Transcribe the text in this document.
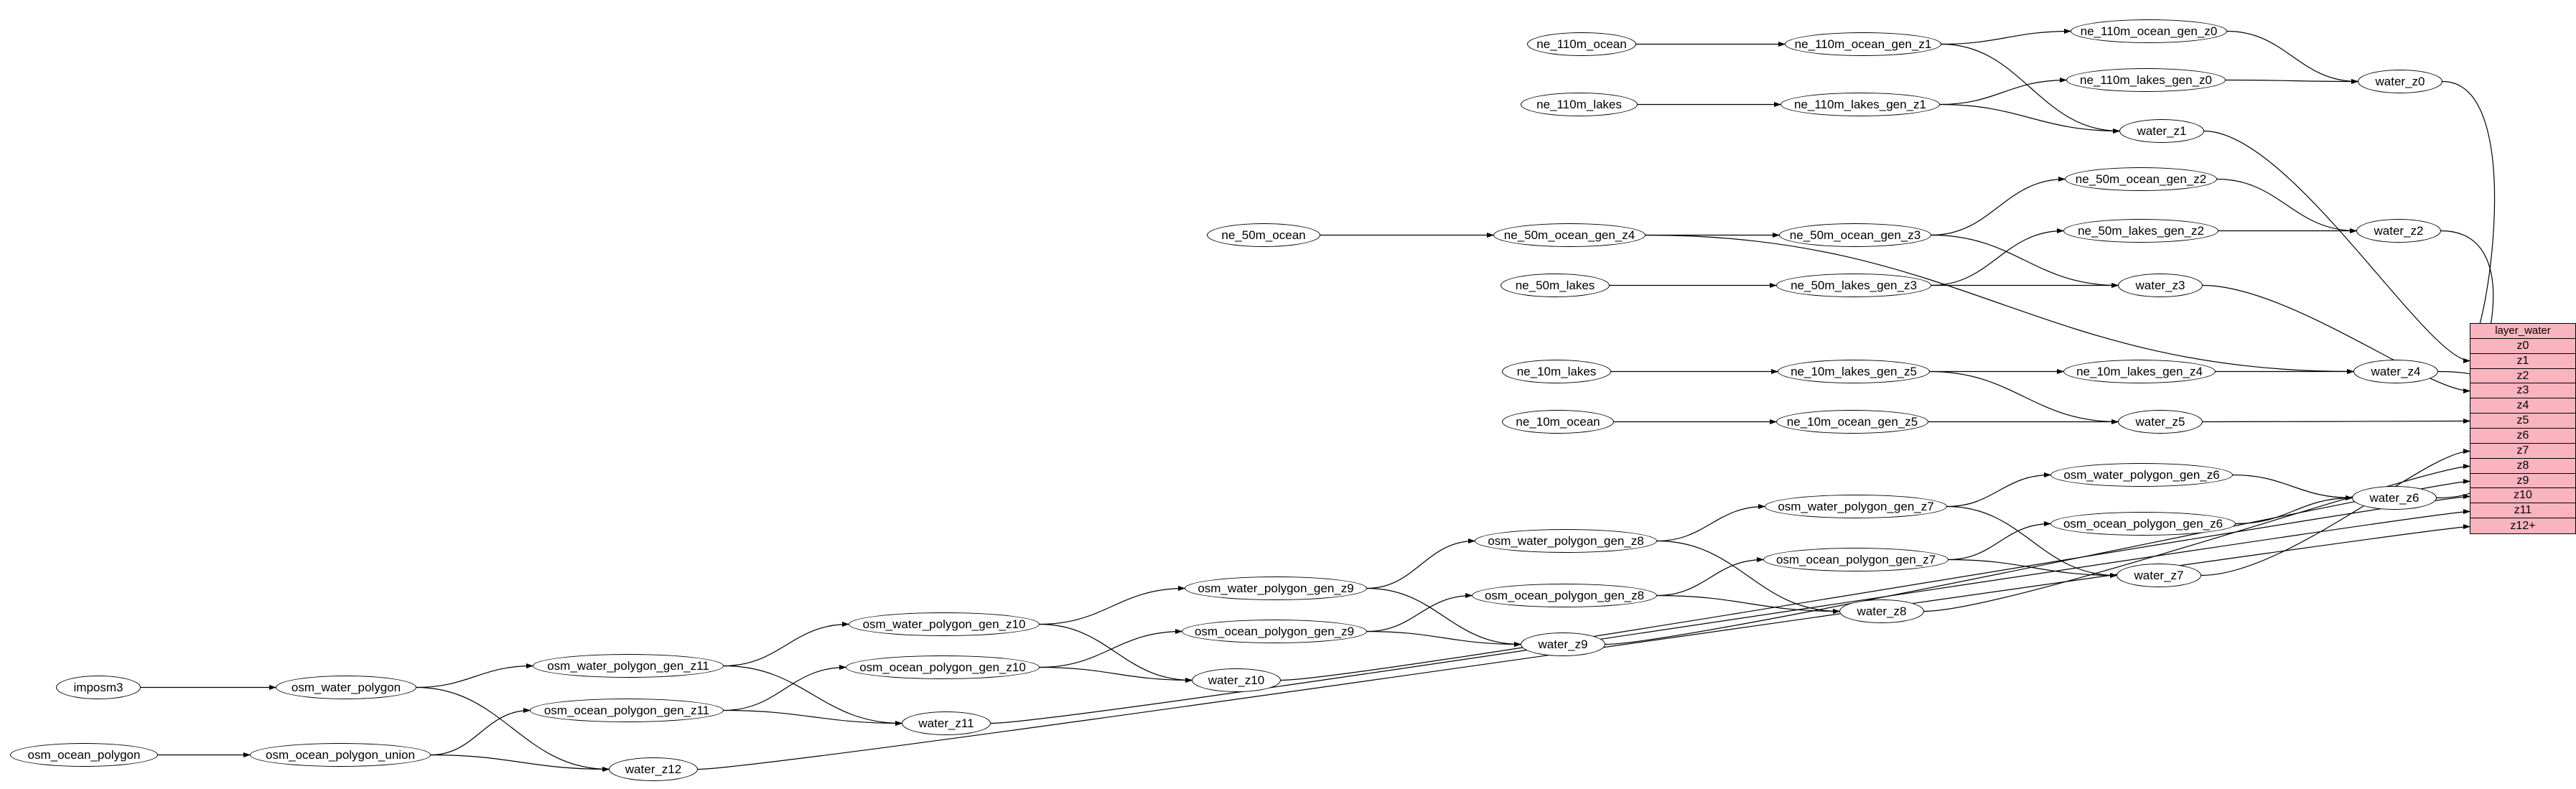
ne_110m_ocean	ne_110m_ocean_gen_z1
ne_110m_ocean_gen_z0
water_z0
ne_110m_lakes	ne_110m_lakes_gen_z1
ne_110m_lakes_gen_z0
water_z1
ne_50m_ocean	ne_50m_ocean_gen_z4	ne_50m_ocean_gen_z3
ne_50m_ocean_gen_z2
ne_50m_lakes_gen_z2	water_z2
ne_50m_lakes	ne_50m_lakes_gen_z3	water_z3
ne_10m_lakes	ne_10m_lakes_gen_z5	ne_10m_lakes_gen_z4	water_z4
ne_10m_ocean	ne_10m_ocean_gen_z5	water_z5
osm_water_polygon_gen_z6
osm_water_polygon_gen_z7
osm_ocean_polygon_gen_z6
water_z6
osm_water_polygon_gen_z8
osm_ocean_polygon_gen_z7
water_z7
osm_water_polygon_gen_z9
osm_ocean_polygon_gen_z8
water_z8
osm_water_polygon_gen_z10
osm_ocean_polygon_gen_z9
water_z9
osm_water_polygon_gen_z11	osm_ocean_polygon_gen_z10
water_z10
osm_water_polygon
imposm3
osm_ocean_polygon_gen_z11
water_z11
osm_ocean_polygon	osm_ocean_polygon_union
water_z12
layer_water
z0
z1
z2
z3
z4
z5
z6
z7
z8
z9
z10
z11
z12+
